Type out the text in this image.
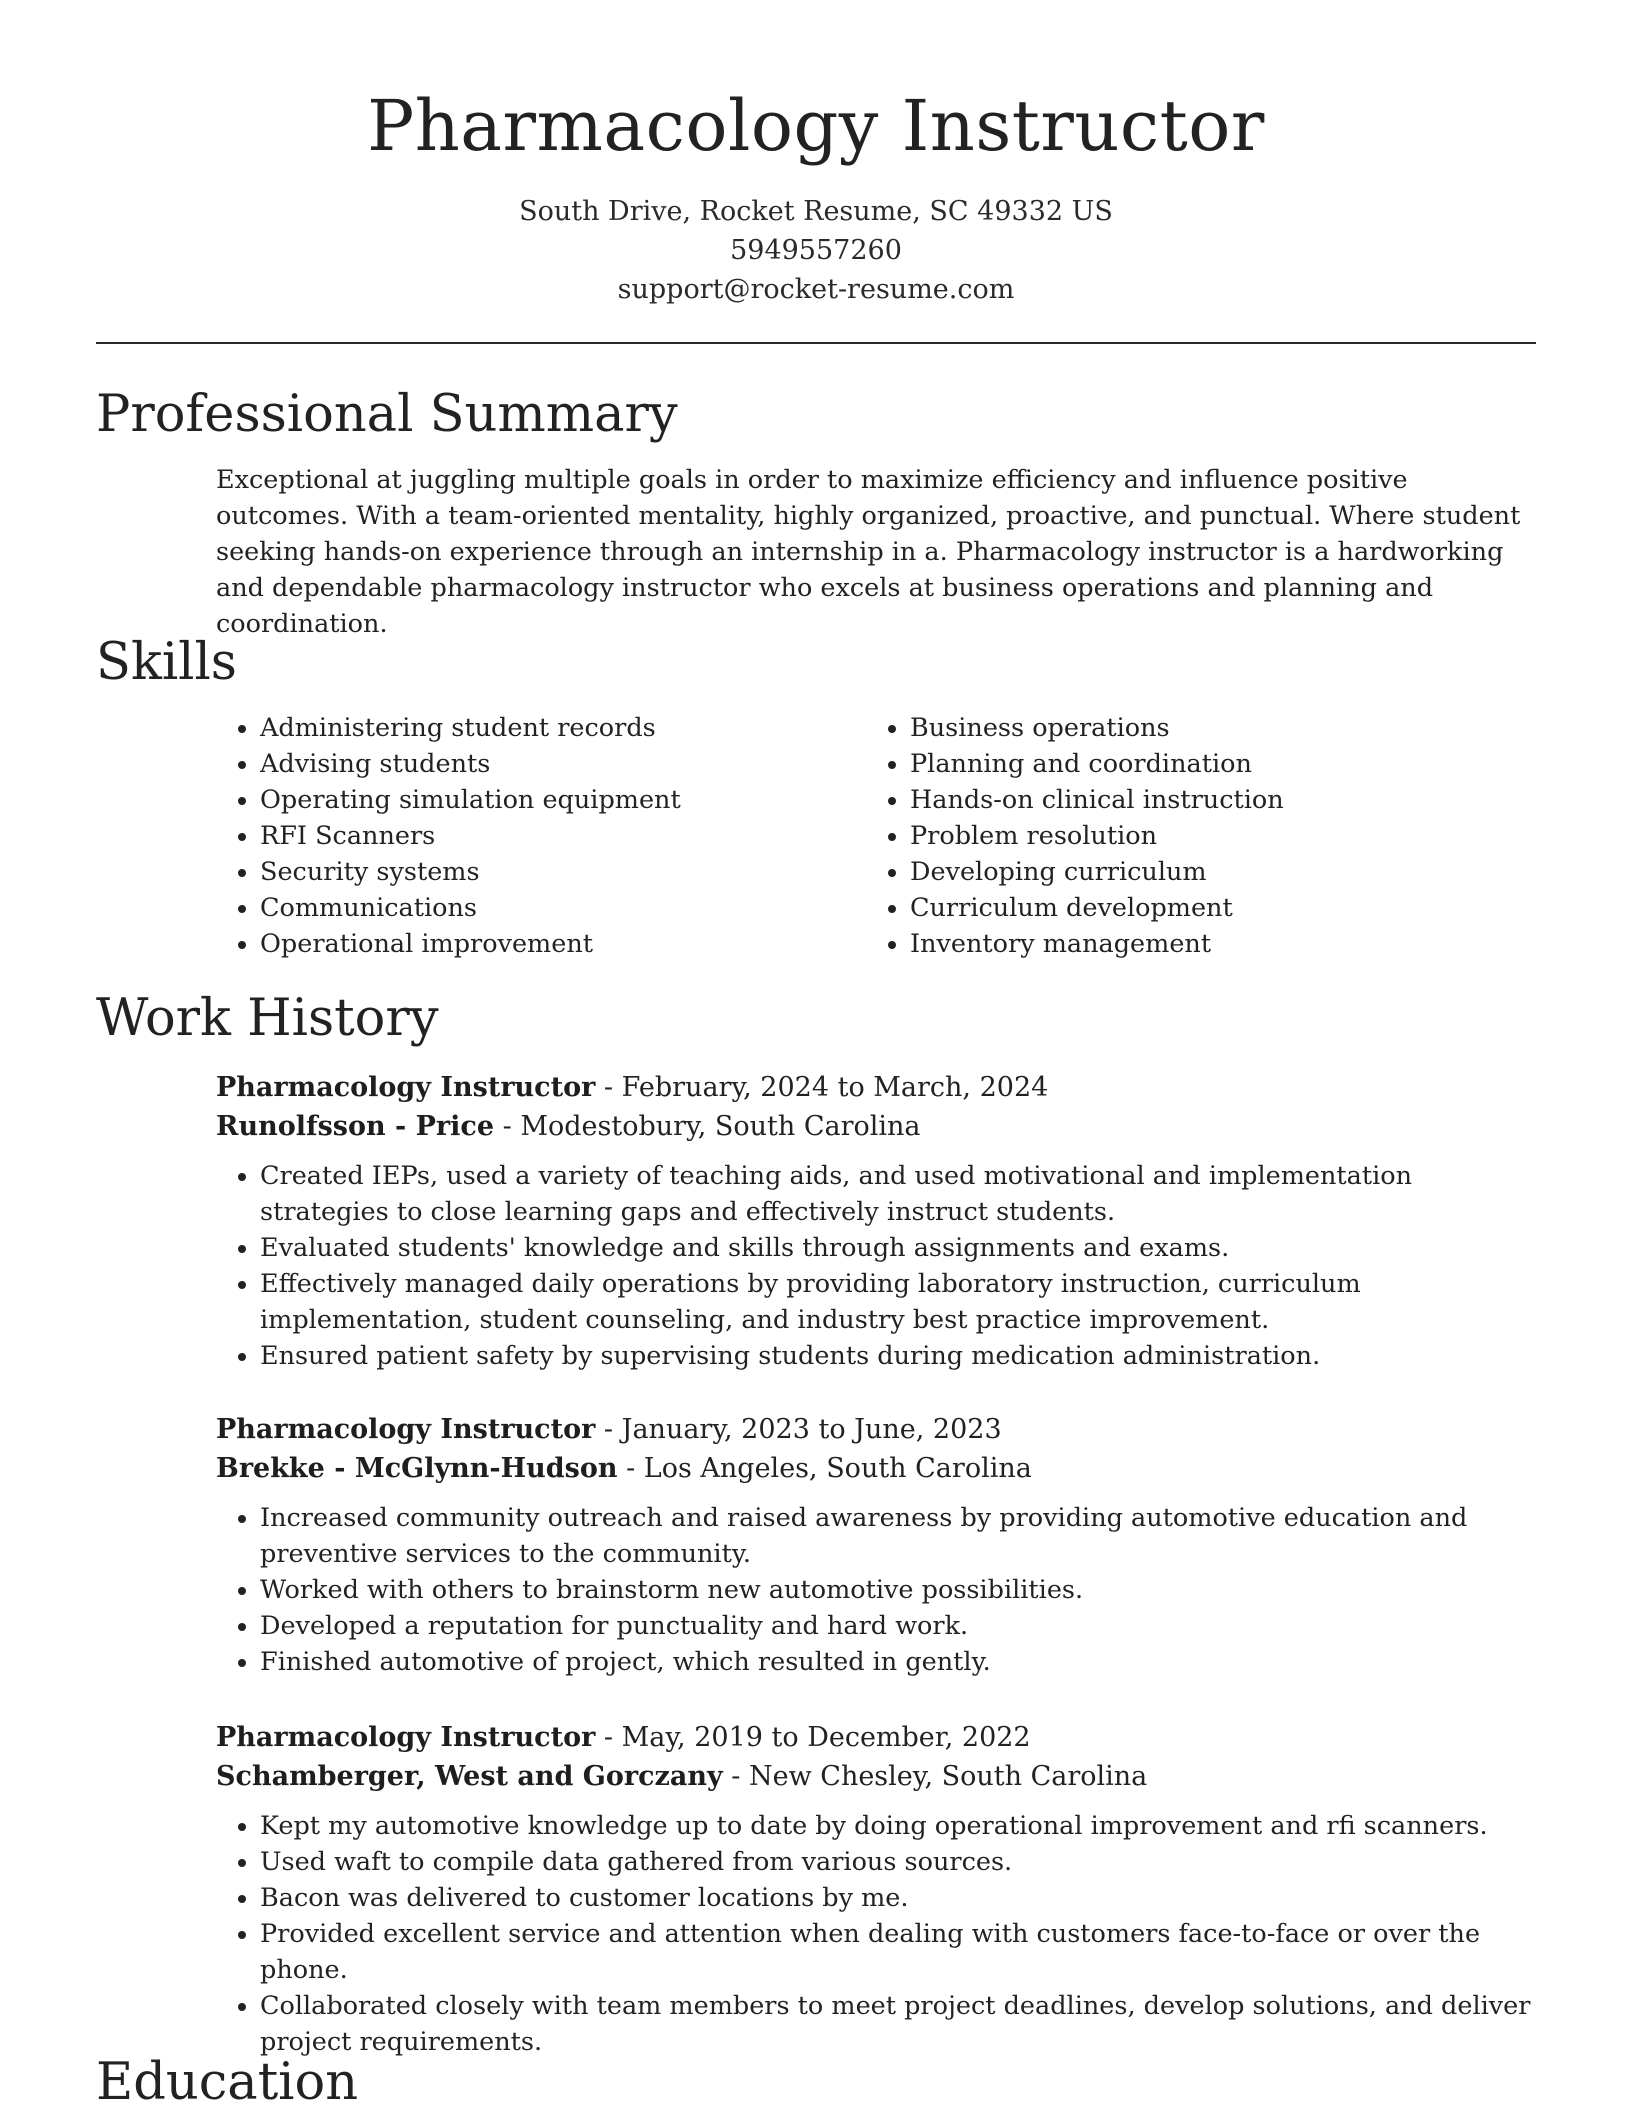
Pharmacology Instructor
South Drive, Rocket Resume, SC 49332 US
5949557260
support@rocket-resume.com
Professional Summary

Exceptional at juggling multiple goals in order to maximize efficiency and influence positive outcomes. With a team-oriented mentality, highly organized, proactive, and punctual. Where student seeking hands-on experience through an internship in a. Pharmacology instructor is a hardworking and dependable pharmacology instructor who excels at business operations and planning and coordination.

Skills
• Administering student records
• Advising students
• Operating simulation equipment
• RFI Scanners
• Security systems
• Communications
• Operational improvement
• Business operations
• Planning and coordination
• Hands-on clinical instruction
• Problem resolution
• Developing curriculum
• Curriculum development
• Inventory management
Work History
Pharmacology Instructor - February, 2024 to March, 2024
Runolfsson - Price - Modestobury, South Carolina
• Created IEPs, used a variety of teaching aids, and used motivational and implementation strategies to close learning gaps and effectively instruct students.
• Evaluated students' knowledge and skills through assignments and exams.
• Effectively managed daily operations by providing laboratory instruction, curriculum implementation, student counseling, and industry best practice improvement.
• Ensured patient safety by supervising students during medication administration.
Pharmacology Instructor - January, 2023 to June, 2023
Brekke - McGlynn-Hudson - Los Angeles, South Carolina
• Increased community outreach and raised awareness by providing automotive education and preventive services to the community.
• Worked with others to brainstorm new automotive possibilities.
• Developed a reputation for punctuality and hard work.
• Finished automotive of project, which resulted in gently.
Pharmacology Instructor - May, 2019 to December, 2022
Schamberger, West and Gorczany - New Chesley, South Carolina
• Kept my automotive knowledge up to date by doing operational improvement and rfi scanners.
• Used waft to compile data gathered from various sources.
• Bacon was delivered to customer locations by me.
• Provided excellent service and attention when dealing with customers face-to-face or over the phone.
• Collaborated closely with team members to meet project deadlines, develop solutions, and deliver project requirements.
Education
